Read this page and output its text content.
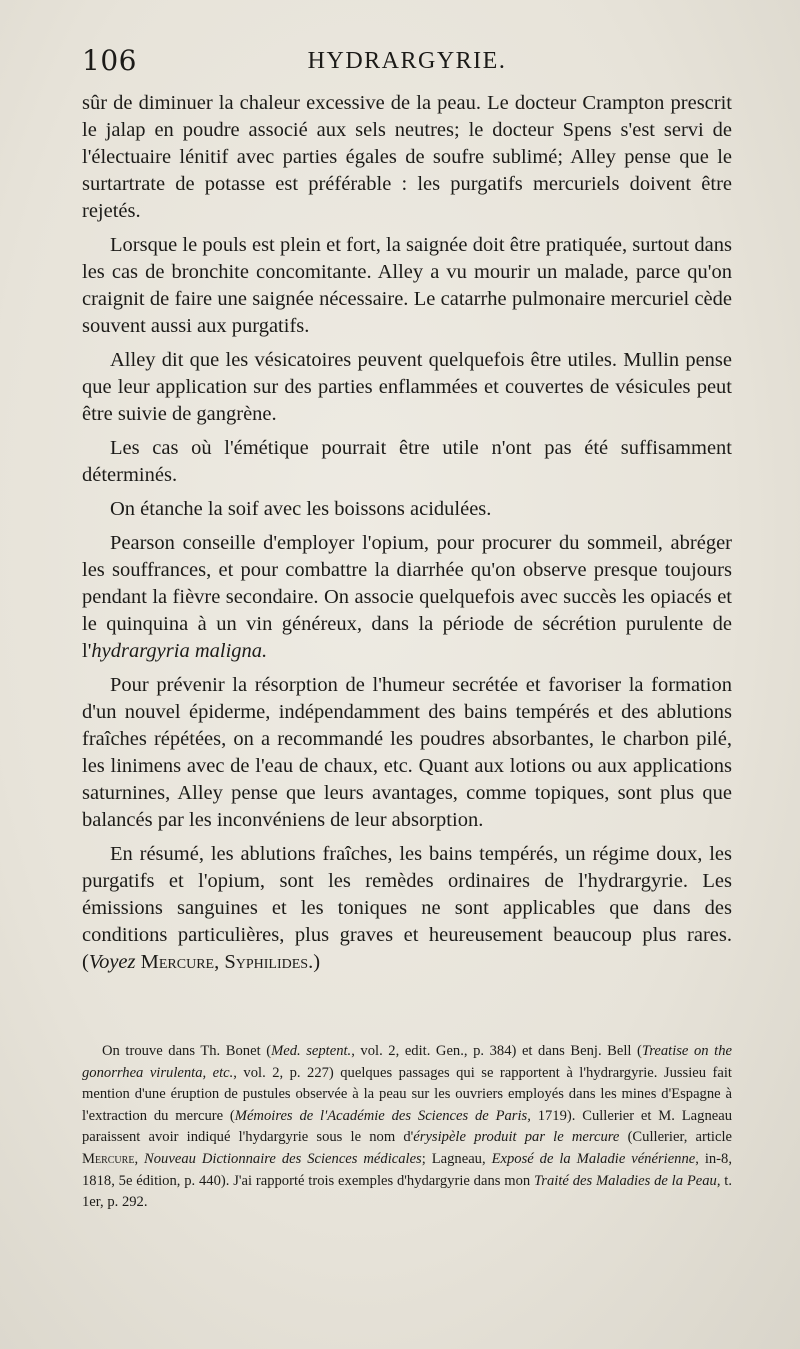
106	HYDRARGYRIE.

sûr de diminuer la chaleur excessive de la peau. Le docteur Crampton prescrit le jalap en poudre associé aux sels neutres; le docteur Spens s'est servi de l'électuaire lénitif avec parties égales de soufre sublimé; Alley pense que le surtartrate de potasse est préférable : les purgatifs mercuriels doivent être rejetés.

Lorsque le pouls est plein et fort, la saignée doit être pratiquée, surtout dans les cas de bronchite concomitante. Alley a vu mourir un malade, parce qu'on craignit de faire une saignée nécessaire. Le catarrhe pulmonaire mercuriel cède souvent aussi aux purgatifs.

Alley dit que les vésicatoires peuvent quelquefois être utiles. Mullin pense que leur application sur des parties enflammées et couvertes de vésicules peut être suivie de gangrène.

Les cas où l'émétique pourrait être utile n'ont pas été suffisamment déterminés.

On étanche la soif avec les boissons acidulées.

Pearson conseille d'employer l'opium, pour procurer du sommeil, abréger les souffrances, et pour combattre la diarrhée qu'on observe presque toujours pendant la fièvre secondaire. On associe quelquefois avec succès les opiacés et le quinquina à un vin généreux, dans la période de sécrétion purulente de l'hydrargyria maligna.

Pour prévenir la résorption de l'humeur secrétée et favoriser la formation d'un nouvel épiderme, indépendamment des bains tempérés et des ablutions fraîches répétées, on a recommandé les poudres absorbantes, le charbon pilé, les linimens avec de l'eau de chaux, etc. Quant aux lotions ou aux applications saturnines, Alley pense que leurs avantages, comme topiques, sont plus que balancés par les inconvéniens de leur absorption.

En résumé, les ablutions fraîches, les bains tempérés, un régime doux, les purgatifs et l'opium, sont les remèdes ordinaires de l'hydrargyrie. Les émissions sanguines et les toniques ne sont applicables que dans des conditions particulières, plus graves et heureusement beaucoup plus rares. (Voyez Mercure, Syphilides.)

On trouve dans Th. Bonet (Med. septent., vol. 2, edit. Gen., p. 384) et dans Benj. Bell (Treatise on the gonorrhea virulenta, etc., vol. 2, p. 227) quelques passages qui se rapportent à l'hydrargyrie. Jussieu fait mention d'une éruption de pustules observée à la peau sur les ouvriers employés dans les mines d'Espagne à l'extraction du mercure (Mémoires de l'Académie des Sciences de Paris, 1719). Cullerier et M. Lagneau paraissent avoir indiqué l'hydargyrie sous le nom d'érysipèle produit par le mercure (Cullerier, article Mercure, Nouveau Dictionnaire des Sciences médicales; Lagneau, Exposé de la Maladie vénérienne, in-8, 1818, 5e édition, p. 440). J'ai rapporté trois exemples d'hydargyrie dans mon Traité des Maladies de la Peau, t. 1er, p. 292.
